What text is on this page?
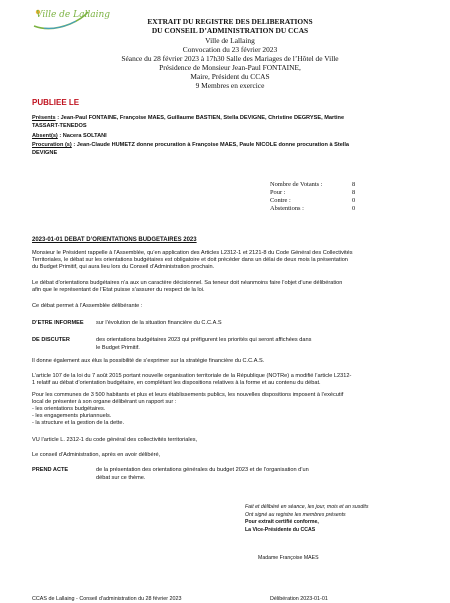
Ville de Lallaing
EXTRAIT DU REGISTRE DES DELIBERATIONS
DU CONSEIL D’ADMINISTRATION DU CCAS
Ville de Lallaing
Convocation du 23 février 2023
Séance du 28 février 2023 à 17h30 Salle des Mariages de l’Hôtel de Ville
Présidence de Monsieur Jean-Paul FONTAINE,
Maire, Président du CCAS
9 Membres en exercice
PUBLIEE LE
Présents : Jean-Paul FONTAINE, Françoise MAES, Guillaume BASTIEN, Stella DEVIGNE, Christine DEGRYSE, Martine
TASSART-TENEDOS
Absent(s) : Nacera SOLTANI
Procuration (s) : Jean-Claude HUMETZ donne procuration à Françoise MAES, Paule NICOLE donne procuration à Stella
DEVIGNE
Nombre de Votants :	8
Pour :	8
Contre :	0
Abstentions :	0
2023-01-01 DEBAT D’ORIENTATIONS BUDGETAIRES 2023
Monsieur le Président rappelle à l’Assemblée, qu’en application des Articles L2312-1 et 2121-8 du Code Général des Collectivités
Territoriales, le débat sur les orientations budgétaires est obligatoire et doit précéder dans un délai de deux mois la présentation
du Budget Primitif, qui aura lieu lors du Conseil d’Administration prochain.
Le débat d’orientations budgétaires n’a aux un caractère décisionnel. Sa teneur doit néanmoins faire l’objet d’une délibération
afin que le représentant de l’Etat puisse s’assurer du respect de la loi.
Ce débat permet à l’Assemblée délibérante :
D’ETRE INFORMEE sur l’évolution de la situation financière du C.C.A.S
DE DISCUTER	des orientations budgétaires 2023 qui préfigurent les priorités qui seront affichées dans
le Budget Primitif.
Il donne également aux élus la possibilité de s’exprimer sur la stratégie financière du C.C.A.S.
L’article 107 de la loi du 7 août 2015 portant nouvelle organisation territoriale de la République (NOTRe) a modifié l’article L2312-
1 relatif au débat d’orientation budgétaire, en complétant les dispositions relatives à la forme et au contenu du débat.
Pour les communes de 3 500 habitants et plus et leurs établissements publics, les nouvelles dispositions imposent à l’exécutif
local de présenter à son organe délibérant un rapport sur :
- les orientations budgétaires.
- les engagements pluriannuels.
- la structure et la gestion de la dette.
VU l’article L. 2312-1 du code général des collectivités territoriales,
Le conseil d’Administration, après en avoir délibéré,
PREND ACTE	de la présentation des orientations générales du budget 2023 et de l’organisation d’un
débat sur ce thème.
Fait et délibéré en séance, les jour, mois et an susdits
Ont signé au registre les membres présents
Pour extrait certifié conforme,
La Vice-Présidente du CCAS
Madame Françoise MAES
CCAS de Lallaing - Conseil d’administration du 28 février 2023	Délibération 2023-01-01
